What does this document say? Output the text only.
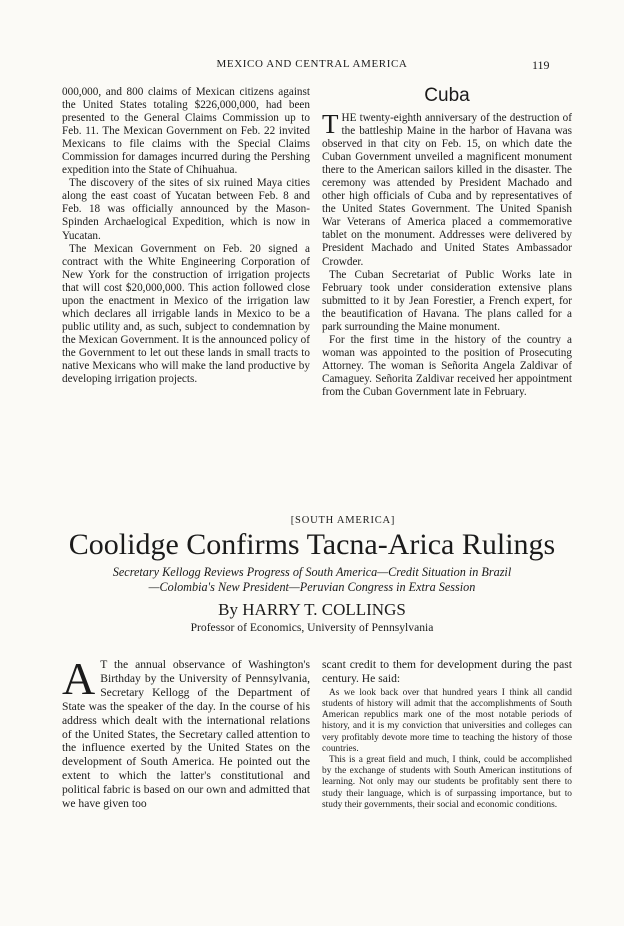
MEXICO AND CENTRAL AMERICA	119

000,000, and 800 claims of Mexican citizens against the United States totaling $226,000,000, had been presented to the General Claims Commission up to Feb. 11. The Mexican Government on Feb. 22 invited Mexicans to file claims with the Special Claims Commission for damages incurred during the Pershing expedition into the State of Chihuahua.

The discovery of the sites of six ruined Maya cities along the east coast of Yucatan between Feb. 8 and Feb. 18 was officially announced by the Mason-Spinden Archaelogical Expedition, which is now in Yucatan.

The Mexican Government on Feb. 20 signed a contract with the White Engineering Corporation of New York for the construction of irrigation projects that will cost $20,000,000. This action followed close upon the enactment in Mexico of the irrigation law which declares all irrigable lands in Mexico to be a public utility and, as such, subject to condemnation by the Mexican Government. It is the announced policy of the Government to let out these lands in small tracts to native Mexicans who will make the land productive by developing irrigation projects.

Cuba

THE twenty-eighth anniversary of the destruction of the battleship Maine in the harbor of Havana was observed in that city on Feb. 15, on which date the Cuban Government unveiled a magnificent monument there to the American sailors killed in the disaster. The ceremony was attended by President Machado and other high officials of Cuba and by representatives of the United States Government. The United Spanish War Veterans of America placed a commemorative tablet on the monument. Addresses were delivered by President Machado and United States Ambassador Crowder.

The Cuban Secretariat of Public Works late in February took under consideration extensive plans submitted to it by Jean Forestier, a French expert, for the beautification of Havana. The plans called for a park surrounding the Maine monument.

For the first time in the history of the country a woman was appointed to the position of Prosecuting Attorney. The woman is Señorita Angela Zaldivar of Camaguey. Señorita Zaldivar received her appointment from the Cuban Government late in February.

[SOUTH AMERICA]
Coolidge Confirms Tacna-Arica Rulings
Secretary Kellogg Reviews Progress of South America—Credit Situation in Brazil
—Colombia's New President—Peruvian Congress in Extra Session
By HARRY T. COLLINGS
Professor of Economics, University of Pennsylvania

A T the annual observance of Washington's Birthday by the University of Pennsylvania, Secretary Kellogg of the Department of State was the speaker of the day. In the course of his address which dealt with the international relations of the United States, the Secretary called attention to the influence exerted by the United States on the development of South America. He pointed out the extent to which the latter's constitutional and political fabric is based on our own and admitted that we have given too

scant credit to them for development during the past century. He said:

As we look back over that hundred years I think all candid students of history will admit that the accomplishments of South American republics mark one of the most notable periods of history, and it is my conviction that universities and colleges can very profitably devote more time to teaching the history of those countries.

This is a great field and much, I think, could be accomplished by the exchange of students with South American institutions of learning. Not only may our students be profitably sent there to study their language, which is of surpassing importance, but to study their governments, their social and economic conditions.
